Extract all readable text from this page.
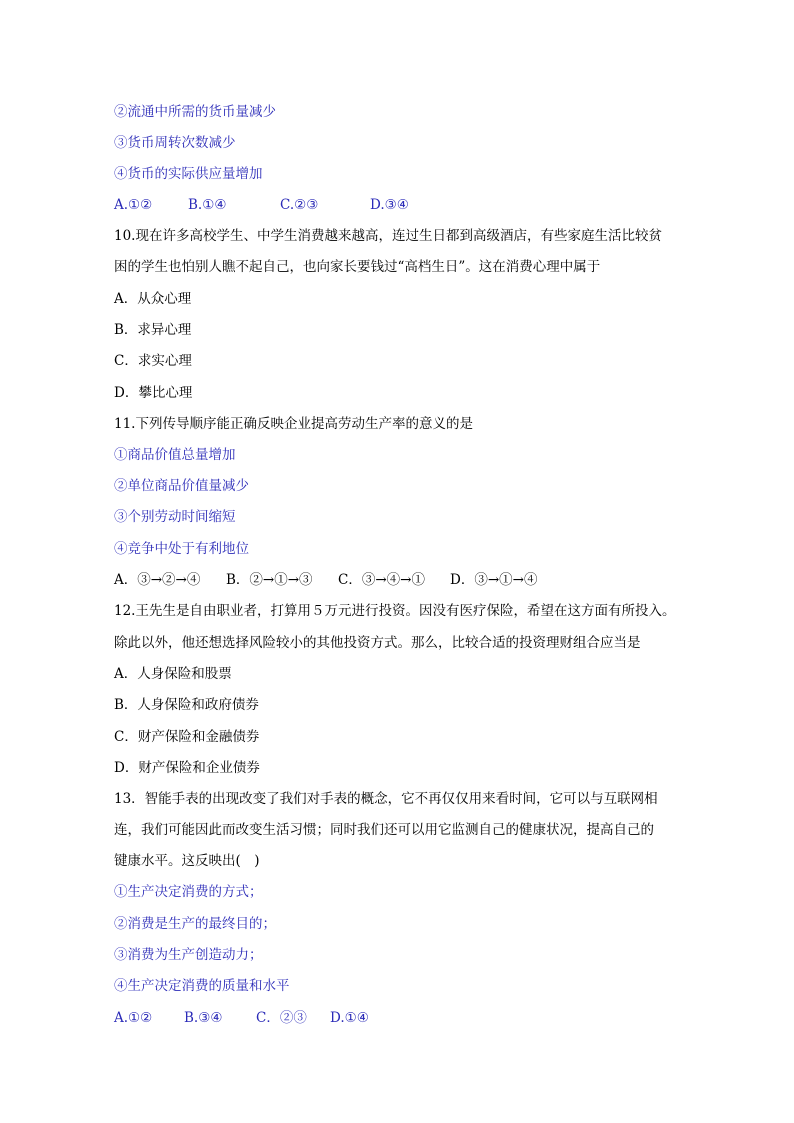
②流通中所需的货币量减少
③货币周转次数减少
④货币的实际供应量增加
A.①②	B.①④	C.②③	D.③④
10.现在许多高校学生、中学生消费越来越高，连过生日都到高级酒店，有些家庭生活比较贫
困的学生也怕别人瞧不起自己，也向家长要钱过“高档生日”。这在消费心理中属于
A．从众心理
B．求异心理
C．求实心理
D．攀比心理
11.下列传导顺序能正确反映企业提高劳动生产率的意义的是
①商品价值总量增加
②单位商品价值量减少
③个别劳动时间缩短
④竞争中处于有利地位
A．③→②→④ B．②→①→③ C．③→④→① D．③→①→④
12.王先生是自由职业者，打算用５万元进行投资。因没有医疗保险，希望在这方面有所投入。
除此以外，他还想选择风险较小的其他投资方式。那么，比较合适的投资理财组合应当是
A．人身保险和股票
B．人身保险和政府债券
C．财产保险和金融债券
D．财产保险和企业债券
13．智能手表的出现改变了我们对手表的概念，它不再仅仅用来看时间，它可以与互联网相
连，我们可能因此而改变生活习惯；同时我们还可以用它监测自己的健康状况，提高自己的
键康水平。这反映出(　)
①生产决定消费的方式；
②消费是生产的最终目的；
③消费为生产创造动力；
④生产决定消费的质量和水平
A.①② B.③④ C．②③ D.①④
